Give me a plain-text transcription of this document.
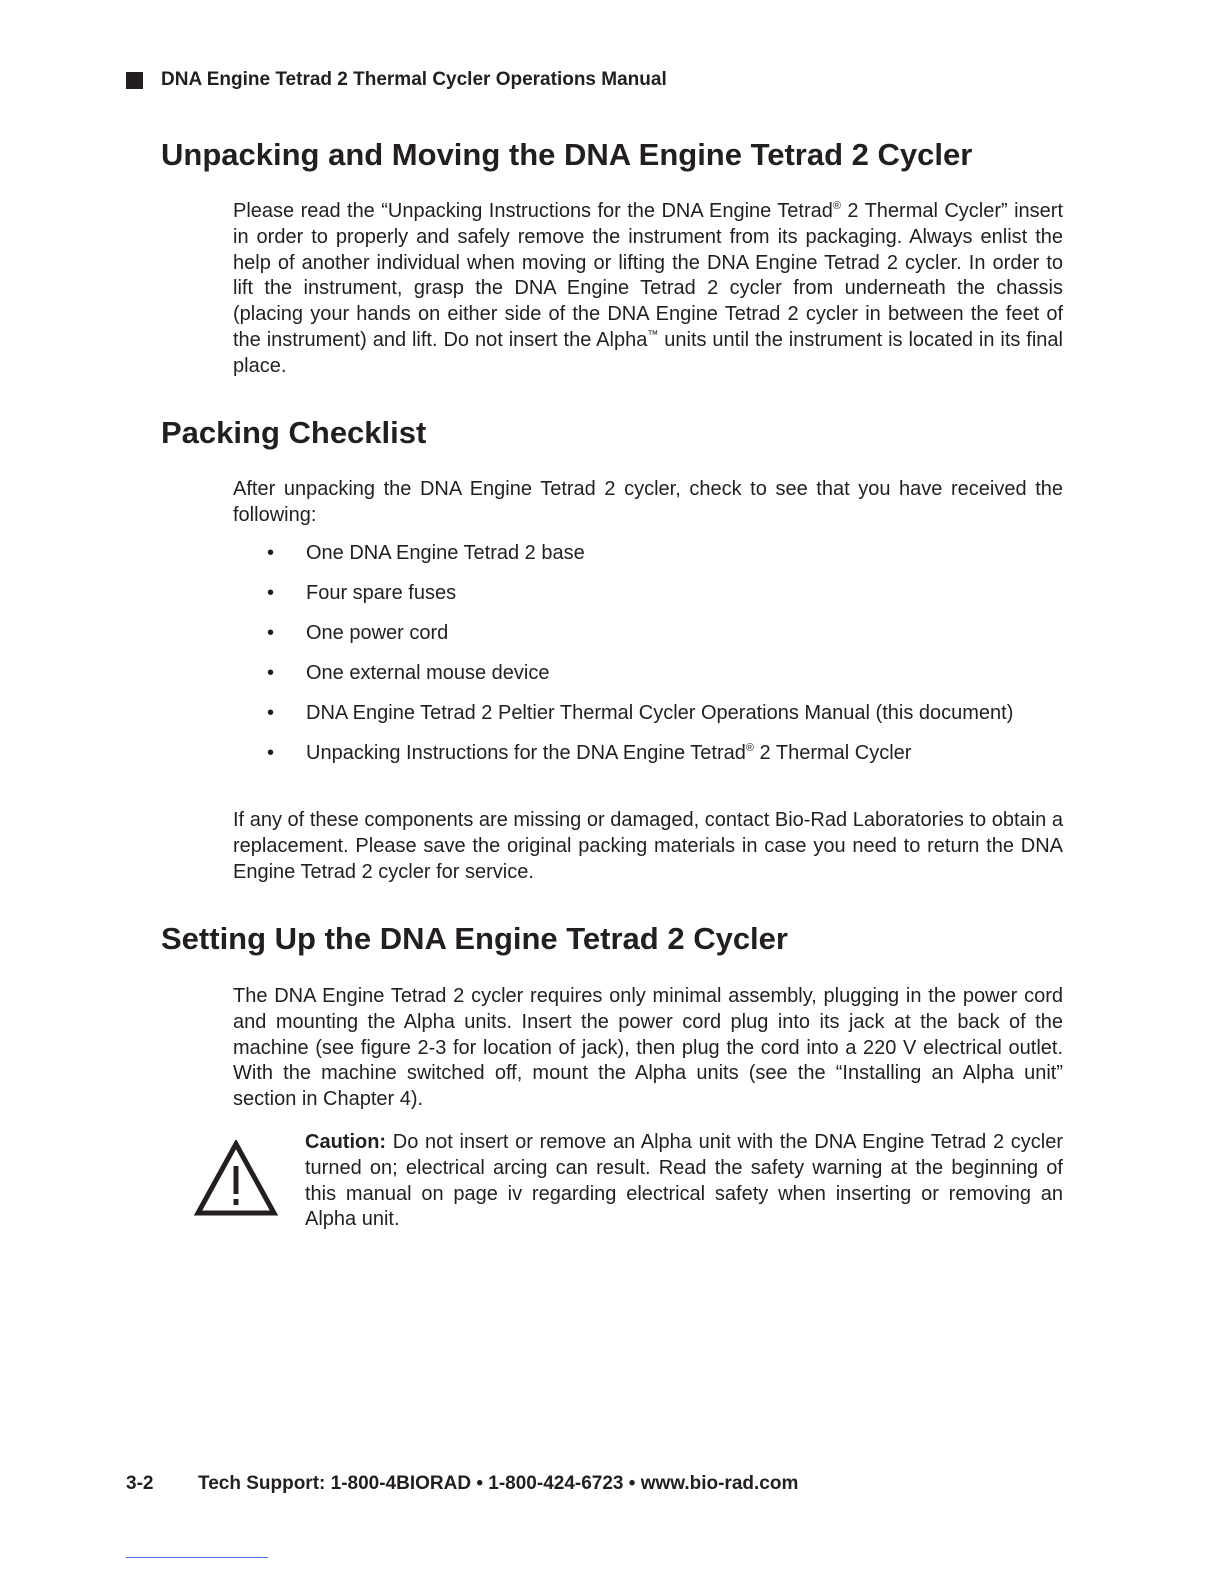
DNA Engine Tetrad 2 Thermal Cycler Operations Manual
Unpacking and Moving the DNA Engine Tetrad 2 Cycler

Please read the “Unpacking Instructions for the DNA Engine Tetrad® 2 Thermal Cycler” insert in order to properly and safely remove the instrument from its packaging. Always enlist the help of another individual when moving or lifting the DNA Engine Tetrad 2 cycler. In order to lift the instrument, grasp the DNA Engine Tetrad 2 cycler from underneath the chassis (placing your hands on either side of the DNA Engine Tetrad 2 cycler in between the feet of the instrument) and lift. Do not insert the Alpha™ units until the instrument is located in its final place.

Packing Checklist

After unpacking the DNA Engine Tetrad 2 cycler, check to see that you have received the following:

• One DNA Engine Tetrad 2 base
• Four spare fuses
• One power cord
• One external mouse device
• DNA Engine Tetrad 2 Peltier Thermal Cycler Operations Manual (this document)
• Unpacking Instructions for the DNA Engine Tetrad® 2 Thermal Cycler

If any of these components are missing or damaged, contact Bio-Rad Laboratories to obtain a replacement. Please save the original packing materials in case you need to return the DNA Engine Tetrad 2 cycler for service.

Setting Up the DNA Engine Tetrad 2 Cycler

The DNA Engine Tetrad 2 cycler requires only minimal assembly, plugging in the power cord and mounting the Alpha units. Insert the power cord plug into its jack at the back of the machine (see figure 2-3 for location of jack), then plug the cord into a 220 V electrical outlet. With the machine switched off, mount the Alpha units (see the “Installing an Alpha unit” section in Chapter 4).

Caution: Do not insert or remove an Alpha unit with the DNA Engine Tetrad 2 cycler turned on; electrical arcing can result. Read the safety warning at the beginning of this manual on page iv regarding electrical safety when inserting or removing an Alpha unit.

3-2 Tech Support: 1-800-4BIORAD • 1-800-424-6723 • www.bio-rad.com
